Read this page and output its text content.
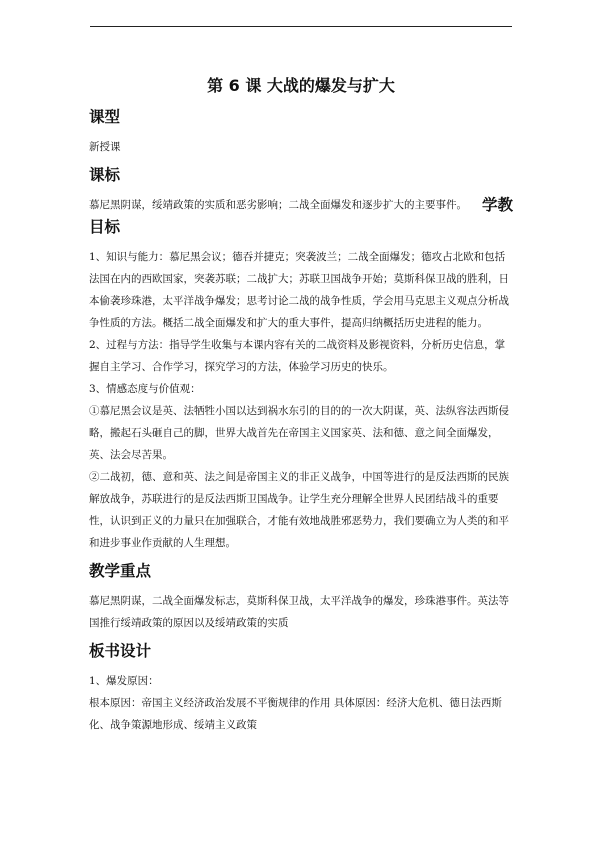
第 6 课 大战的爆发与扩大
课型

新授课

课标

学教
慕尼黑阴谋，绥靖政策的实质和恶劣影响；二战全面爆发和逐步扩大的主要事件。

目标

1、知识与能力：慕尼黑会议；德吞并捷克；突袭波兰；二战全面爆发；德攻占北欧和包括法国在内的西欧国家，突袭苏联；二战扩大；苏联卫国战争开始；莫斯科保卫战的胜利，日本偷袭珍珠港，太平洋战争爆发；思考讨论二战的战争性质，学会用马克思主义观点分析战争性质的方法。概括二战全面爆发和扩大的重大事件，提高归纳概括历史进程的能力。

2、过程与方法：指导学生收集与本课内容有关的二战资料及影视资料，分析历史信息，掌握自主学习、合作学习，探究学习的方法，体验学习历史的快乐。

3、情感态度与价值观：

①慕尼黑会议是英、法牺牲小国以达到祸水东引的目的的一次大阴谋，英、法纵容法西斯侵略，搬起石头砸自己的脚，世界大战首先在帝国主义国家英、法和德、意之间全面爆发，英、法会尽苦果。

②二战初，德、意和英、法之间是帝国主义的非正义战争，中国等进行的是反法西斯的民族解放战争，苏联进行的是反法西斯卫国战争。让学生充分理解全世界人民团结战斗的重要性，认识到正义的力量只在加强联合，才能有效地战胜邪恶势力，我们要确立为人类的和平和进步事业作贡献的人生理想。

教学重点

慕尼黑阴谋，二战全面爆发标志，莫斯科保卫战，太平洋战争的爆发，珍珠港事件。英法等国推行绥靖政策的原因以及绥靖政策的实质

板书设计

1、爆发原因：

根本原因：帝国主义经济政治发展不平衡规律的作用 具体原因：经济大危机、德日法西斯化、战争策源地形成、绥靖主义政策
